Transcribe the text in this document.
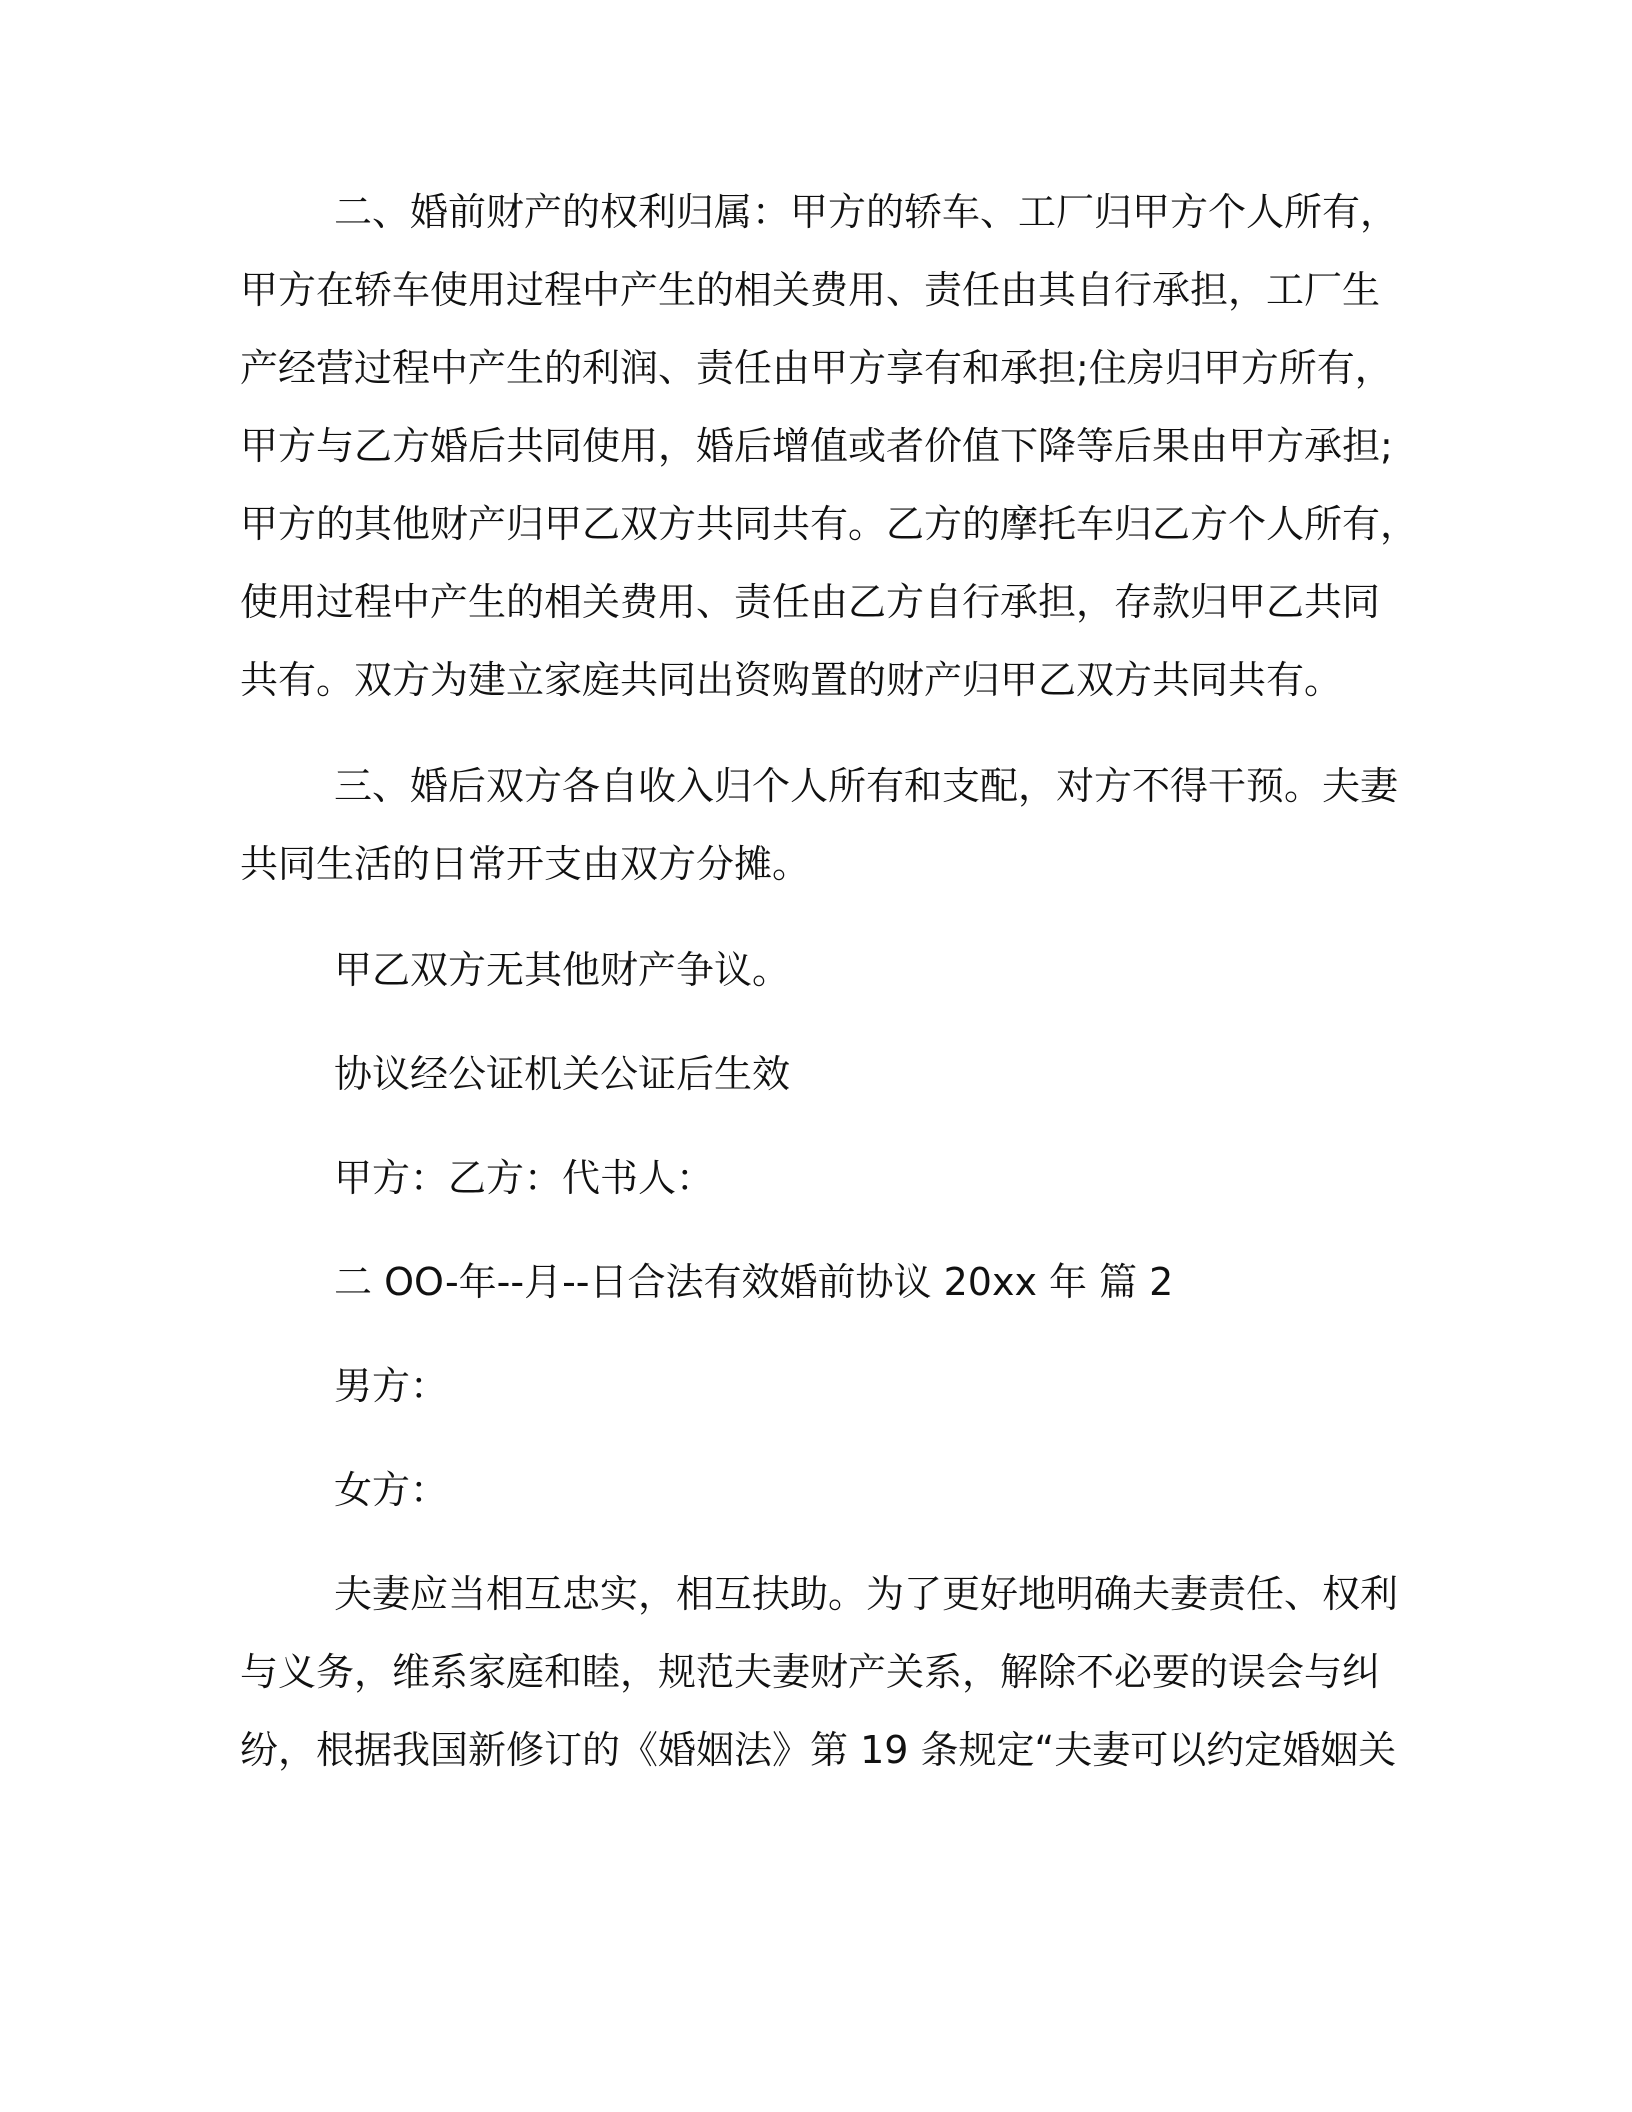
二、婚前财产的权利归属：甲方的轿车、工厂归甲方个人所有，
甲方在轿车使用过程中产生的相关费用、责任由其自行承担，工厂生
产经营过程中产生的利润、责任由甲方享有和承担;住房归甲方所有，
甲方与乙方婚后共同使用，婚后增值或者价值下降等后果由甲方承担;
甲方的其他财产归甲乙双方共同共有。乙方的摩托车归乙方个人所有，
使用过程中产生的相关费用、责任由乙方自行承担，存款归甲乙共同
共有。双方为建立家庭共同出资购置的财产归甲乙双方共同共有。
三、婚后双方各自收入归个人所有和支配，对方不得干预。夫妻
共同生活的日常开支由双方分摊。
甲乙双方无其他财产争议。
协议经公证机关公证后生效
甲方：乙方：代书人：
二 OO-年--月--日合法有效婚前协议 20xx 年 篇 2
男方：
女方：
夫妻应当相互忠实，相互扶助。为了更好地明确夫妻责任、权利
与义务，维系家庭和睦，规范夫妻财产关系，解除不必要的误会与纠
纷，根据我国新修订的《婚姻法》第 19 条规定“夫妻可以约定婚姻关
